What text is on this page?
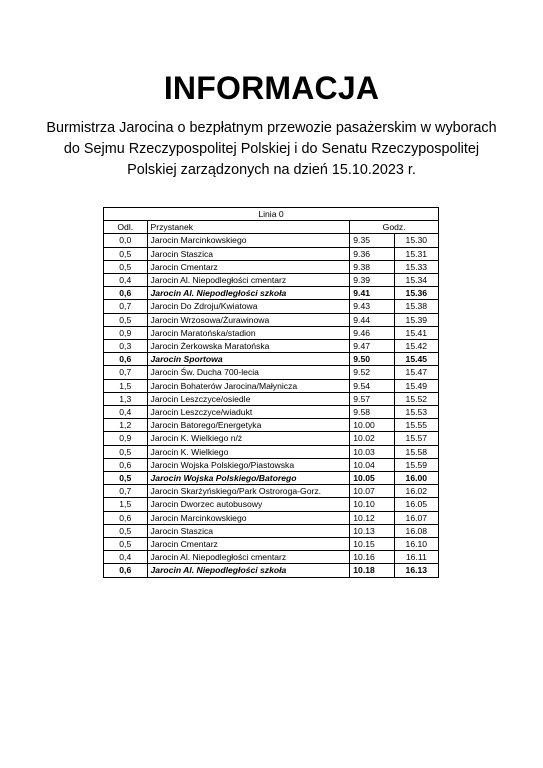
INFORMACJA
Burmistrza Jarocina o bezpłatnym przewozie pasażerskim w wyborach
do Sejmu Rzeczypospolitej Polskiej i do Senatu Rzeczypospolitej
Polskiej zarządzonych na dzień 15.10.2023 r.
Linia 0			
Odl.	Przystanek	Godz.	
0,0	Jarocin Marcinkowskiego	9.35	15.30
0,5	Jarocin Staszica	9.36	15.31
0,5	Jarocin Cmentarz	9.38	15.33
0,4	Jarocin Al. Niepodległości cmentarz	9.39	15.34
0,6	Jarocin Al. Niepodległości szkoła	9.41	15.36
0,7	Jarocin Do Zdroju/Kwiatowa	9.43	15.38
0,5	Jarocin Wrzosowa/Żurawinowa	9.44	15.39
0,9	Jarocin Maratońska/stadion	9.46	15.41
0,3	Jarocin Żerkowska Maratońska	9.47	15.42
0,6	Jarocin Sportowa	9.50	15.45
0,7	Jarocin Św. Ducha 700-lecia	9.52	15.47
1,5	Jarocin Bohaterów Jarocina/Małynicza	9.54	15.49
1,3	Jarocin Leszczyce/osiedle	9.57	15.52
0,4	Jarocin Leszczyce/wiadukt	9.58	15.53
1,2	Jarocin Batorego/Energetyka	10.00	15.55
0,9	Jarocin K. Wielkiego n/ż	10.02	15.57
0,5	Jarocin K. Wielkiego	10.03	15.58
0,6	Jarocin Wojska Polskiego/Piastowska	10.04	15.59
0,5	Jarocin Wojska Polskiego/Batorego	10.05	16.00
0,7	Jarocin Skarżyńskiego/Park Ostroroga-Gorz.	10.07	16.02
1,5	Jarocin Dworzec autobusowy	10.10	16.05
0,6	Jarocin Marcinkowskiego	10.12	16.07
0,5	Jarocin Staszica	10.13	16.08
0,5	Jarocin Cmentarz	10.15	16.10
0,4	Jarocin Al. Niepodległości cmentarz	10.16	16.11
0,6	Jarocin Al. Niepodległości szkoła	10.18	16.13
